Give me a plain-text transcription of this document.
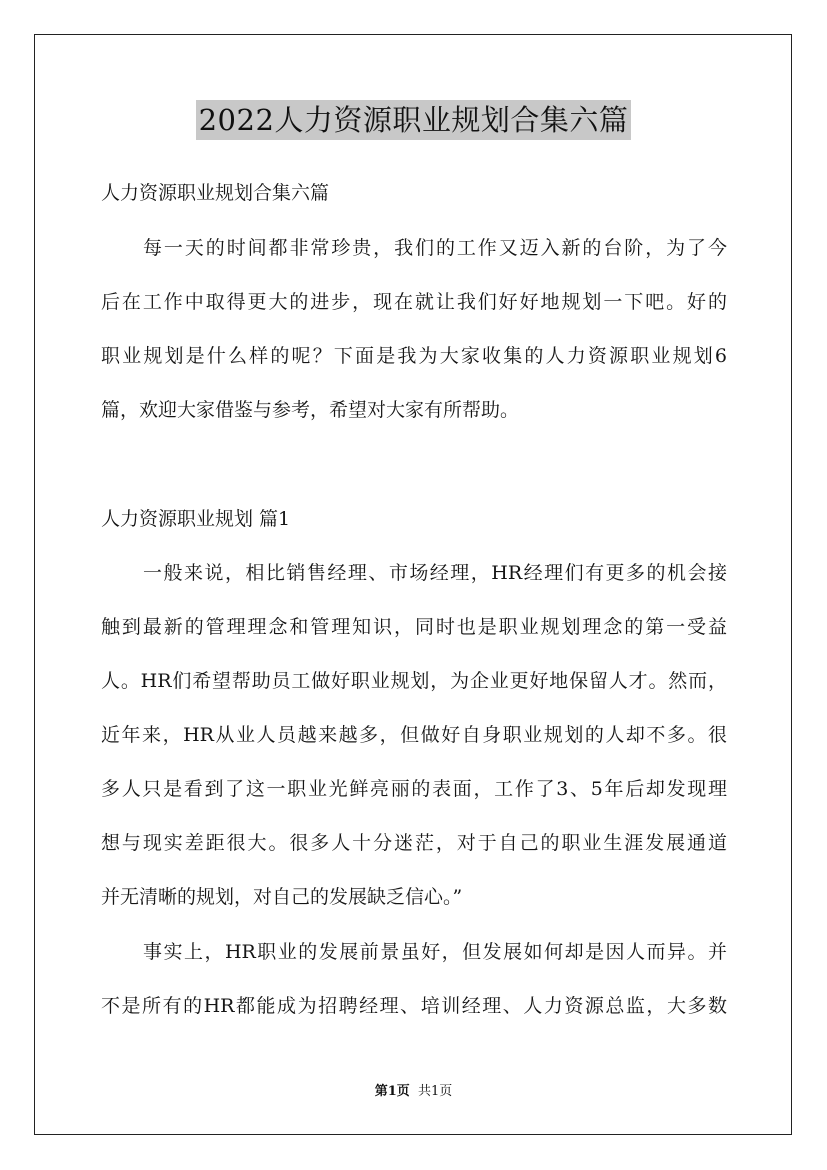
2022人力资源职业规划合集六篇
人力资源职业规划合集六篇
每一天的时间都非常珍贵，我们的工作又迈入新的台阶，为了今
后在工作中取得更大的进步，现在就让我们好好地规划一下吧。好的
职业规划是什么样的呢？下面是我为大家收集的人力资源职业规划6
篇，欢迎大家借鉴与参考，希望对大家有所帮助。
人力资源职业规划 篇1
一般来说，相比销售经理、市场经理，HR经理们有更多的机会接
触到最新的管理理念和管理知识，同时也是职业规划理念的第一受益
人。HR们希望帮助员工做好职业规划，为企业更好地保留人才。然而，
近年来，HR从业人员越来越多，但做好自身职业规划的人却不多。很
多人只是看到了这一职业光鲜亮丽的表面，工作了3、5年后却发现理
想与现实差距很大。很多人十分迷茫，对于自己的职业生涯发展通道
并无清晰的规划，对自己的发展缺乏信心。”
事实上，HR职业的发展前景虽好，但发展如何却是因人而异。并
不是所有的HR都能成为招聘经理、培训经理、人力资源总监，大多数
第1页 共1页
